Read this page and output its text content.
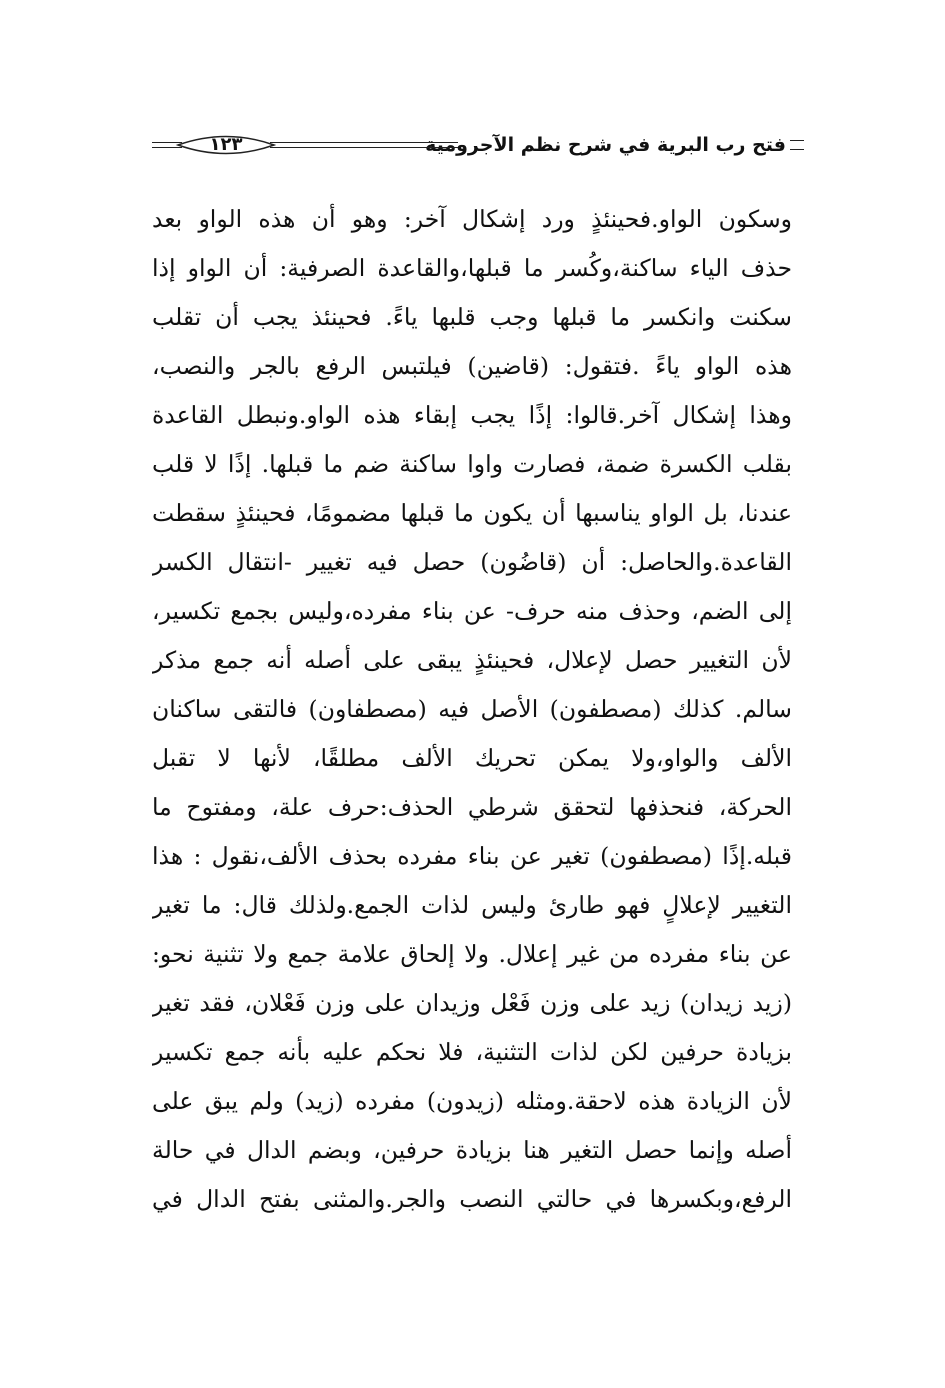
فتح رب البرية في شرح نظم الآجرومية
١٢٣
وسكون الواو.فحينئذٍ ورد إشكال آخر: وهو أن هذه الواو بعد
حذف الياء ساكنة،وكُسر ما قبلها،والقاعدة الصرفية: أن الواو إذا
سكنت وانكسر ما قبلها وجب قلبها ياءً. فحينئذ يجب أن تقلب
هذه الواو ياءً .فتقول: (قاضين) فيلتبس الرفع بالجر والنصب،
وهذا إشكال آخر.قالوا: إذًا يجب إبقاء هذه الواو.ونبطل القاعدة
بقلب الكسرة ضمة، فصارت واوا ساكنة ضم ما قبلها. إذًا لا قلب
عندنا، بل الواو يناسبها أن يكون ما قبلها مضمومًا، فحينئذٍ سقطت
القاعدة.والحاصل: أن (قاضُون) حصل فيه تغيير -انتقال الكسر
إلى الضم، وحذف منه حرف- عن بناء مفرده،وليس بجمع تكسير،
لأن التغيير حصل لإعلال، فحينئذٍ يبقى على أصله أنه جمع مذكر
سالم. كذلك (مصطفون) الأصل فيه (مصطفاون) فالتقى ساكنان
الألف والواو،ولا يمكن تحريك الألف مطلقًا، لأنها لا تقبل
الحركة، فنحذفها لتحقق شرطي الحذف:حرف علة، ومفتوح ما
قبله.إذًا (مصطفون) تغير عن بناء مفرده بحذف الألف،نقول : هذا
التغيير لإعلالٍ فهو طارئ وليس لذات الجمع.ولذلك قال: ما تغير
عن بناء مفرده من غير إعلال. ولا إلحاق علامة جمع ولا تثنية نحو:
(زيد زيدان) زيد على وزن فَعْل وزيدان على وزن فَعْلان، فقد تغير
بزيادة حرفين لكن لذات التثنية، فلا نحكم عليه بأنه جمع تكسير
لأن الزيادة هذه لاحقة.ومثله (زيدون) مفرده (زيد) ولم يبق على
أصله وإنما حصل التغير هنا بزيادة حرفين، وبضم الدال في حالة
الرفع،وبكسرها في حالتي النصب والجر.والمثنى بفتح الدال في
